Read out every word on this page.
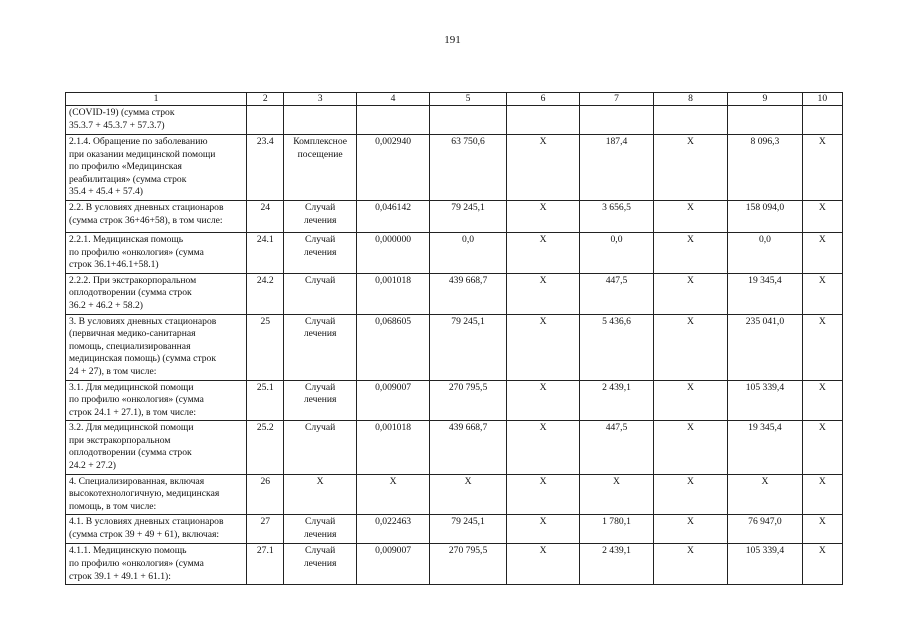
191
1	2	3	4	5	6	7	8	9	10
(COVID-19) (сумма строк
35.3.7 + 45.3.7 + 57.3.7)									
2.1.4. Обращение по заболеванию
при оказании медицинской помощи
по профилю «Медицинская
реабилитация» (сумма строк
35.4 + 45.4 + 57.4)	23.4	Комплексное
посещение	0,002940	63 750,6	Х	187,4	Х	8 096,3	Х
2.2. В условиях дневных стационаров
(сумма строк 36+46+58), в том числе:	24	Случай
лечения	0,046142	79 245,1	Х	3 656,5	Х	158 094,0	Х
2.2.1. Медицинская помощь
по профилю «онкология» (сумма
строк 36.1+46.1+58.1)	24.1	Случай
лечения	0,000000	0,0	Х	0,0	Х	0,0	Х
2.2.2. При экстракорпоральном
оплодотворении (сумма строк
36.2 + 46.2 + 58.2)	24.2	Случай	0,001018	439 668,7	Х	447,5	Х	19 345,4	Х
3. В условиях дневных стационаров
(первичная медико-санитарная
помощь, специализированная
медицинская помощь) (сумма строк
24 + 27), в том числе:	25	Случай
лечения	0,068605	79 245,1	Х	5 436,6	Х	235 041,0	Х
3.1. Для медицинской помощи
по профилю «онкология» (сумма
строк 24.1 + 27.1), в том числе:	25.1	Случай
лечения	0,009007	270 795,5	Х	2 439,1	Х	105 339,4	Х
3.2. Для медицинской помощи
при экстракорпоральном
оплодотворении (сумма строк
24.2 + 27.2)	25.2	Случай	0,001018	439 668,7	Х	447,5	Х	19 345,4	Х
4. Специализированная, включая
высокотехнологичную, медицинская
помощь, в том числе:	26	Х	Х	Х	Х	Х	Х	Х	Х
4.1. В условиях дневных стационаров
(сумма строк 39 + 49 + 61), включая:	27	Случай
лечения	0,022463	79 245,1	Х	1 780,1	Х	76 947,0	Х
4.1.1. Медицинскую помощь
по профилю «онкология» (сумма
строк 39.1 + 49.1 + 61.1):	27.1	Случай
лечения	0,009007	270 795,5	Х	2 439,1	Х	105 339,4	Х
